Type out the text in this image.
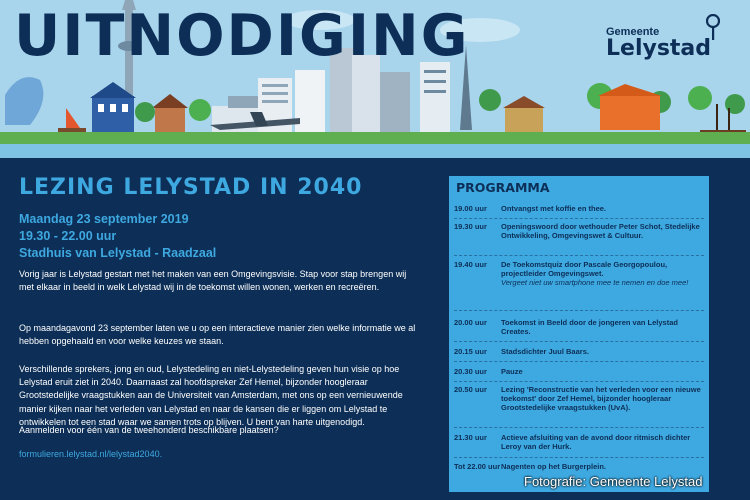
UITNODIGING	Gemeente
Lelystad
LEZING LELYSTAD IN 2040
Maandag 23 september 2019
19.30 - 22.00 uur
Stadhuis van Lelystad - Raadzaal

Vorig jaar is Lelystad gestart met het maken van een Omgevingsvisie. Stap voor stap brengen wij met elkaar in beeld in welk Lelystad wij in de toekomst willen wonen, werken en recreëren.

Op maandagavond 23 september laten we u op een interactieve manier zien welke informatie we al hebben opgehaald en voor welke keuzes we staan.

Verschillende sprekers, jong en oud, Lelystedeling en niet-Lelystedeling geven hun visie op hoe Lelystad eruit ziet in 2040. Daarnaast zal hoofdspreker Zef Hemel, bijzonder hoogleraar Grootstedelijke vraagstukken aan de Universiteit van Amsterdam, met ons op een vernieuwende manier kijken naar het verleden van Lelystad en naar de kansen die er liggen om Lelystad te ontwikkelen tot een stad waar we samen trots op blijven. U bent van harte uitgenodigd.

Aanmelden voor één van de tweehonderd beschikbare plaatsen?

formulieren.lelystad.nl/lelystad2040.
PROGRAMMA
19.00 uur Ontvangst met koffie en thee.
19.30 uur Openingswoord door wethouder Peter Schot, Stedelijke Ontwikkeling, Omgevingswet & Cultuur.
19.40 uur De Toekomstquiz door Pascale Georgopoulou, projectleider Omgevingswet.
Vergeet niet uw smartphone mee te nemen en doe mee!
20.00 uur Toekomst in Beeld door de jongeren van Lelystad Creates.
20.15 uur Stadsdichter Juul Baars.
20.30 uur Pauze
20.50 uur Lezing 'Reconstructie van het verleden voor een nieuwe toekomst' door Zef Hemel, bijzonder hoogleraar Grootstedelijke vraagstukken (UvA).
21.30 uur Actieve afsluiting van de avond door ritmisch dichter Leroy van der Hurk.
Tot 22.00 uur Nagenten op het Burgerplein.
Fotografie: Gemeente Lelystad
